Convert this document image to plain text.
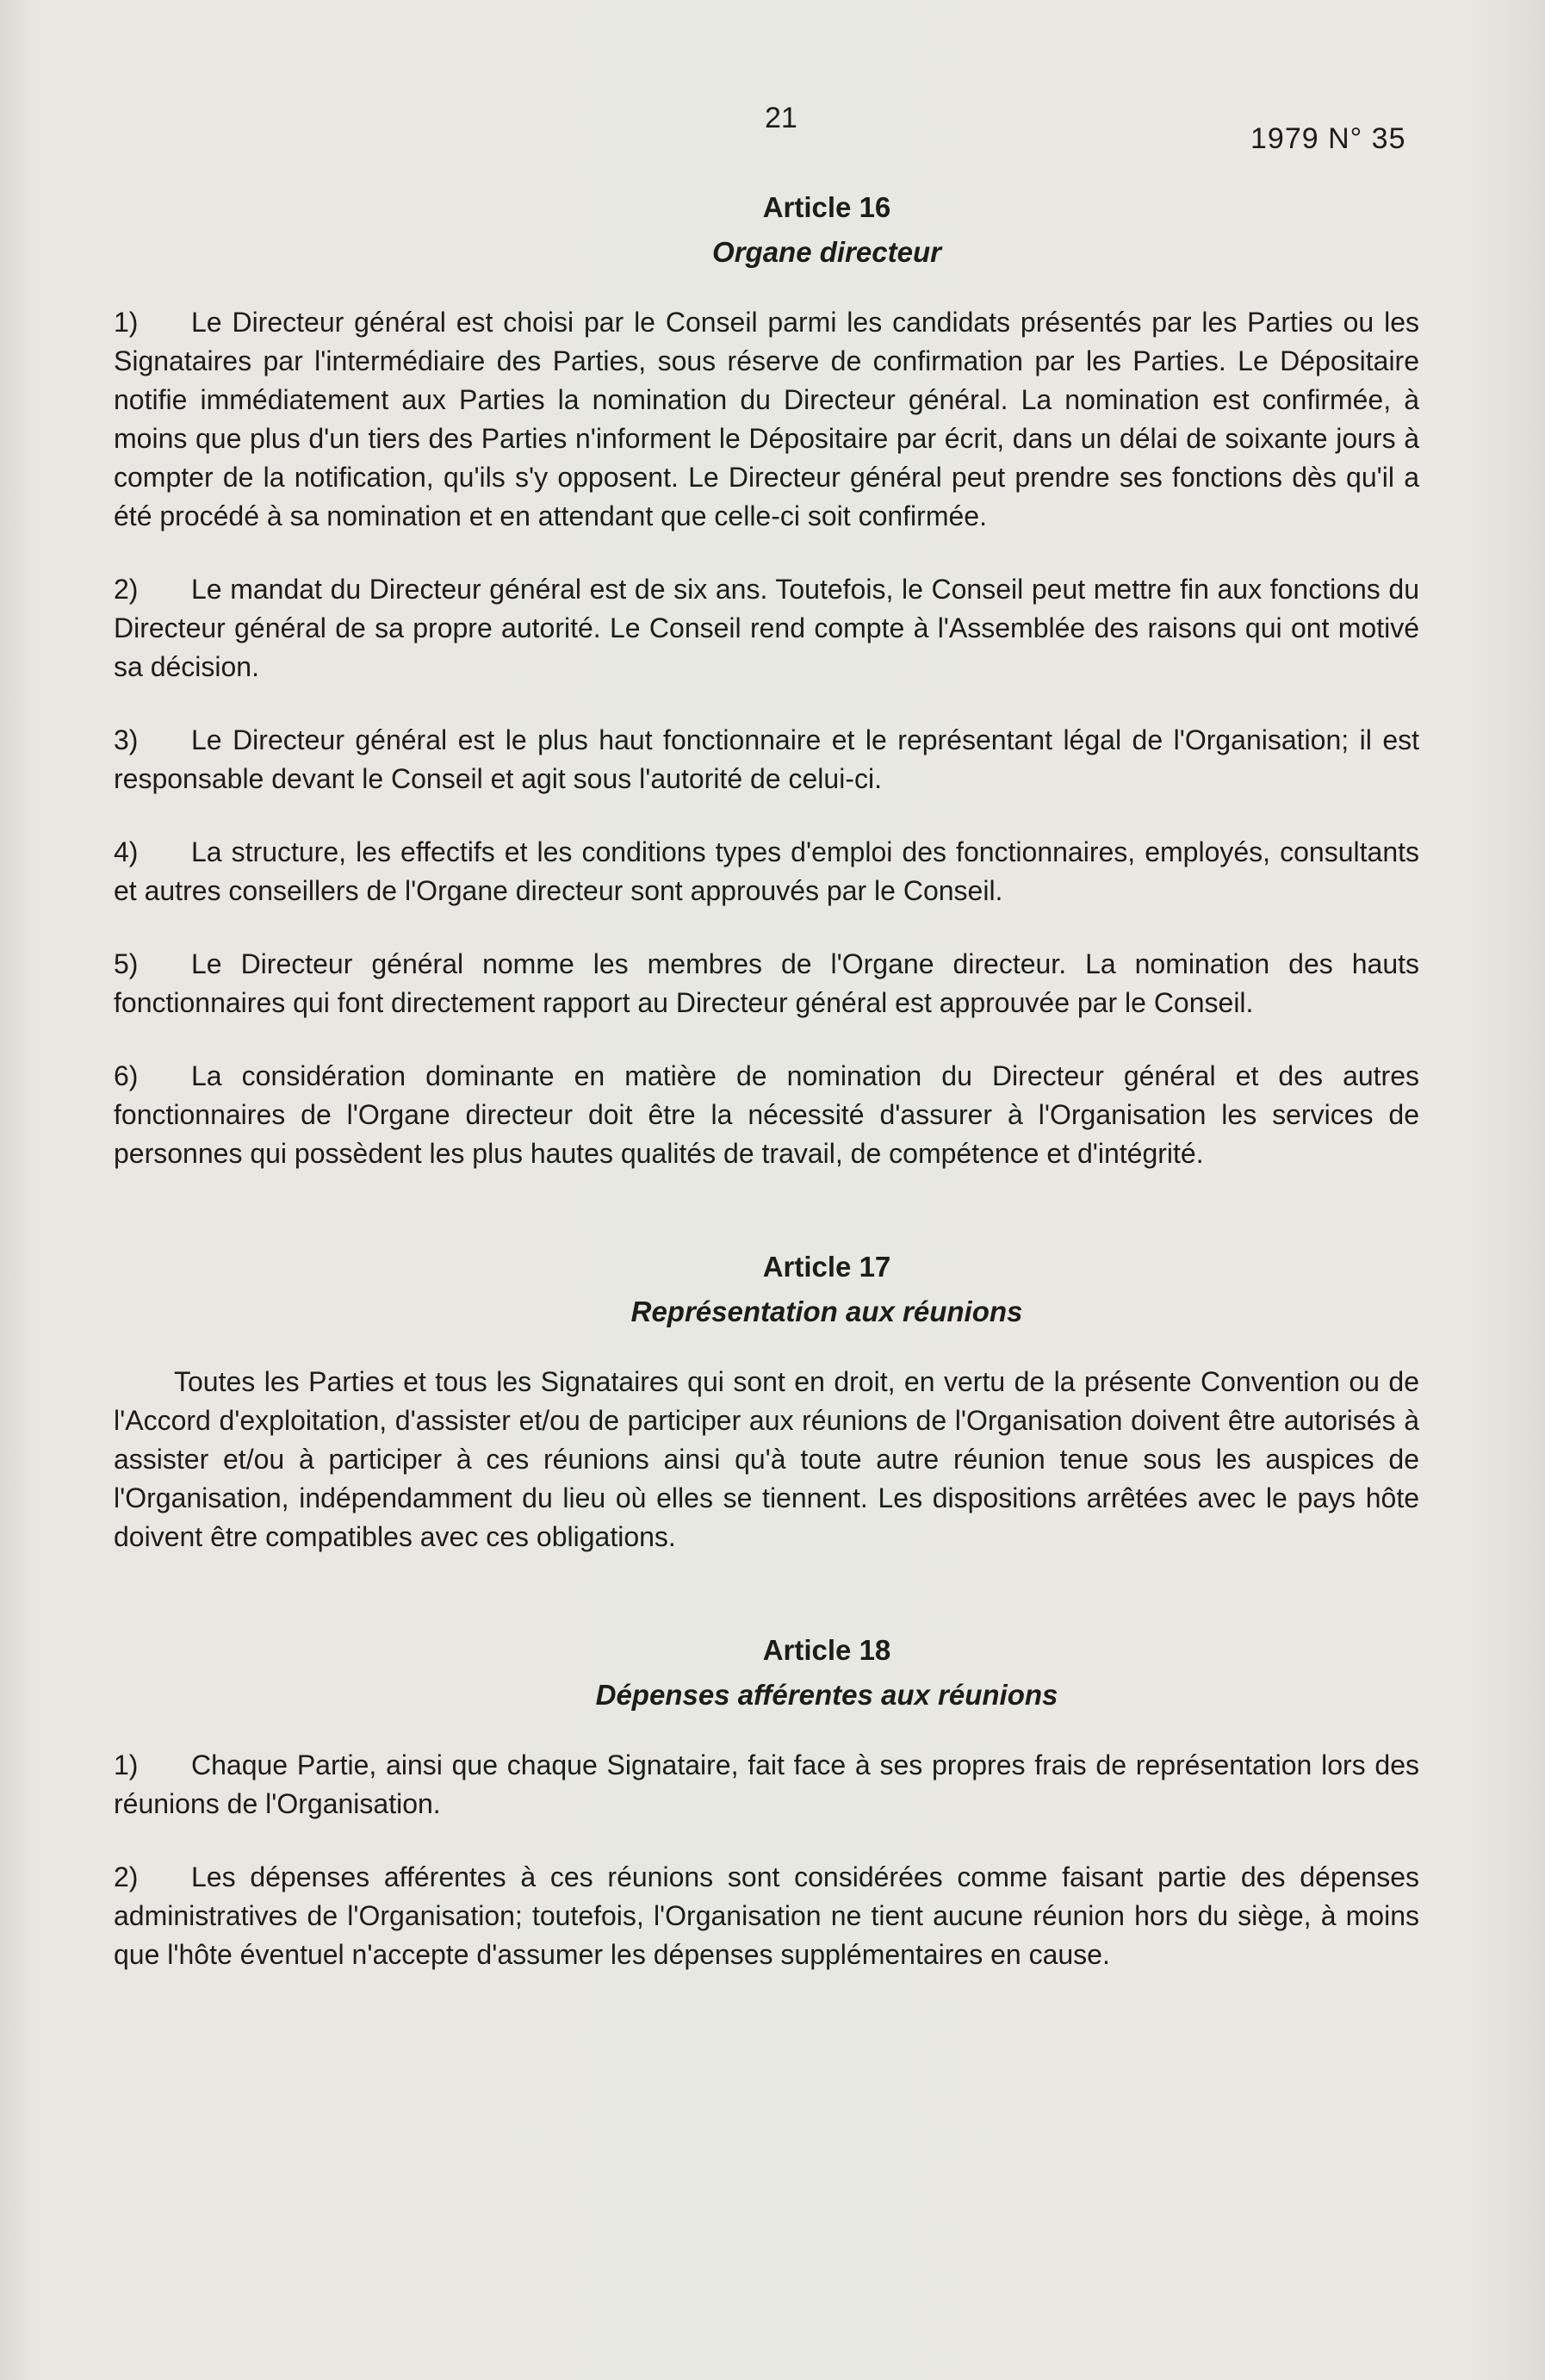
21
1979 N° 35
Article 16
Organe directeur

1) Le Directeur général est choisi par le Conseil parmi les candidats présentés par les Parties ou les Signataires par l'intermédiaire des Parties, sous réserve de confirmation par les Parties. Le Dépositaire notifie immédiatement aux Parties la nomination du Directeur général. La nomination est confirmée, à moins que plus d'un tiers des Parties n'informent le Dépositaire par écrit, dans un délai de soixante jours à compter de la notification, qu'ils s'y opposent. Le Directeur général peut prendre ses fonctions dès qu'il a été procédé à sa nomination et en attendant que celle-ci soit confirmée.

2) Le mandat du Directeur général est de six ans. Toutefois, le Conseil peut mettre fin aux fonctions du Directeur général de sa propre autorité. Le Conseil rend compte à l'Assemblée des raisons qui ont motivé sa décision.

3) Le Directeur général est le plus haut fonctionnaire et le représentant légal de l'Organisation; il est responsable devant le Conseil et agit sous l'autorité de celui-ci.

4) La structure, les effectifs et les conditions types d'emploi des fonctionnaires, employés, consultants et autres conseillers de l'Organe directeur sont approuvés par le Conseil.

5) Le Directeur général nomme les membres de l'Organe directeur. La nomination des hauts fonctionnaires qui font directement rapport au Directeur général est approuvée par le Conseil.

6) La considération dominante en matière de nomination du Directeur général et des autres fonctionnaires de l'Organe directeur doit être la nécessité d'assurer à l'Organisation les services de personnes qui possèdent les plus hautes qualités de travail, de compétence et d'intégrité.

Article 17
Représentation aux réunions

Toutes les Parties et tous les Signataires qui sont en droit, en vertu de la présente Convention ou de l'Accord d'exploitation, d'assister et/ou de participer aux réunions de l'Organisation doivent être autorisés à assister et/ou à participer à ces réunions ainsi qu'à toute autre réunion tenue sous les auspices de l'Organisation, indépendamment du lieu où elles se tiennent. Les dispositions arrêtées avec le pays hôte doivent être compatibles avec ces obligations.

Article 18
Dépenses afférentes aux réunions

1) Chaque Partie, ainsi que chaque Signataire, fait face à ses propres frais de représentation lors des réunions de l'Organisation.

2) Les dépenses afférentes à ces réunions sont considérées comme faisant partie des dépenses administratives de l'Organisation; toutefois, l'Organisation ne tient aucune réunion hors du siège, à moins que l'hôte éventuel n'accepte d'assumer les dépenses supplémentaires en cause.
